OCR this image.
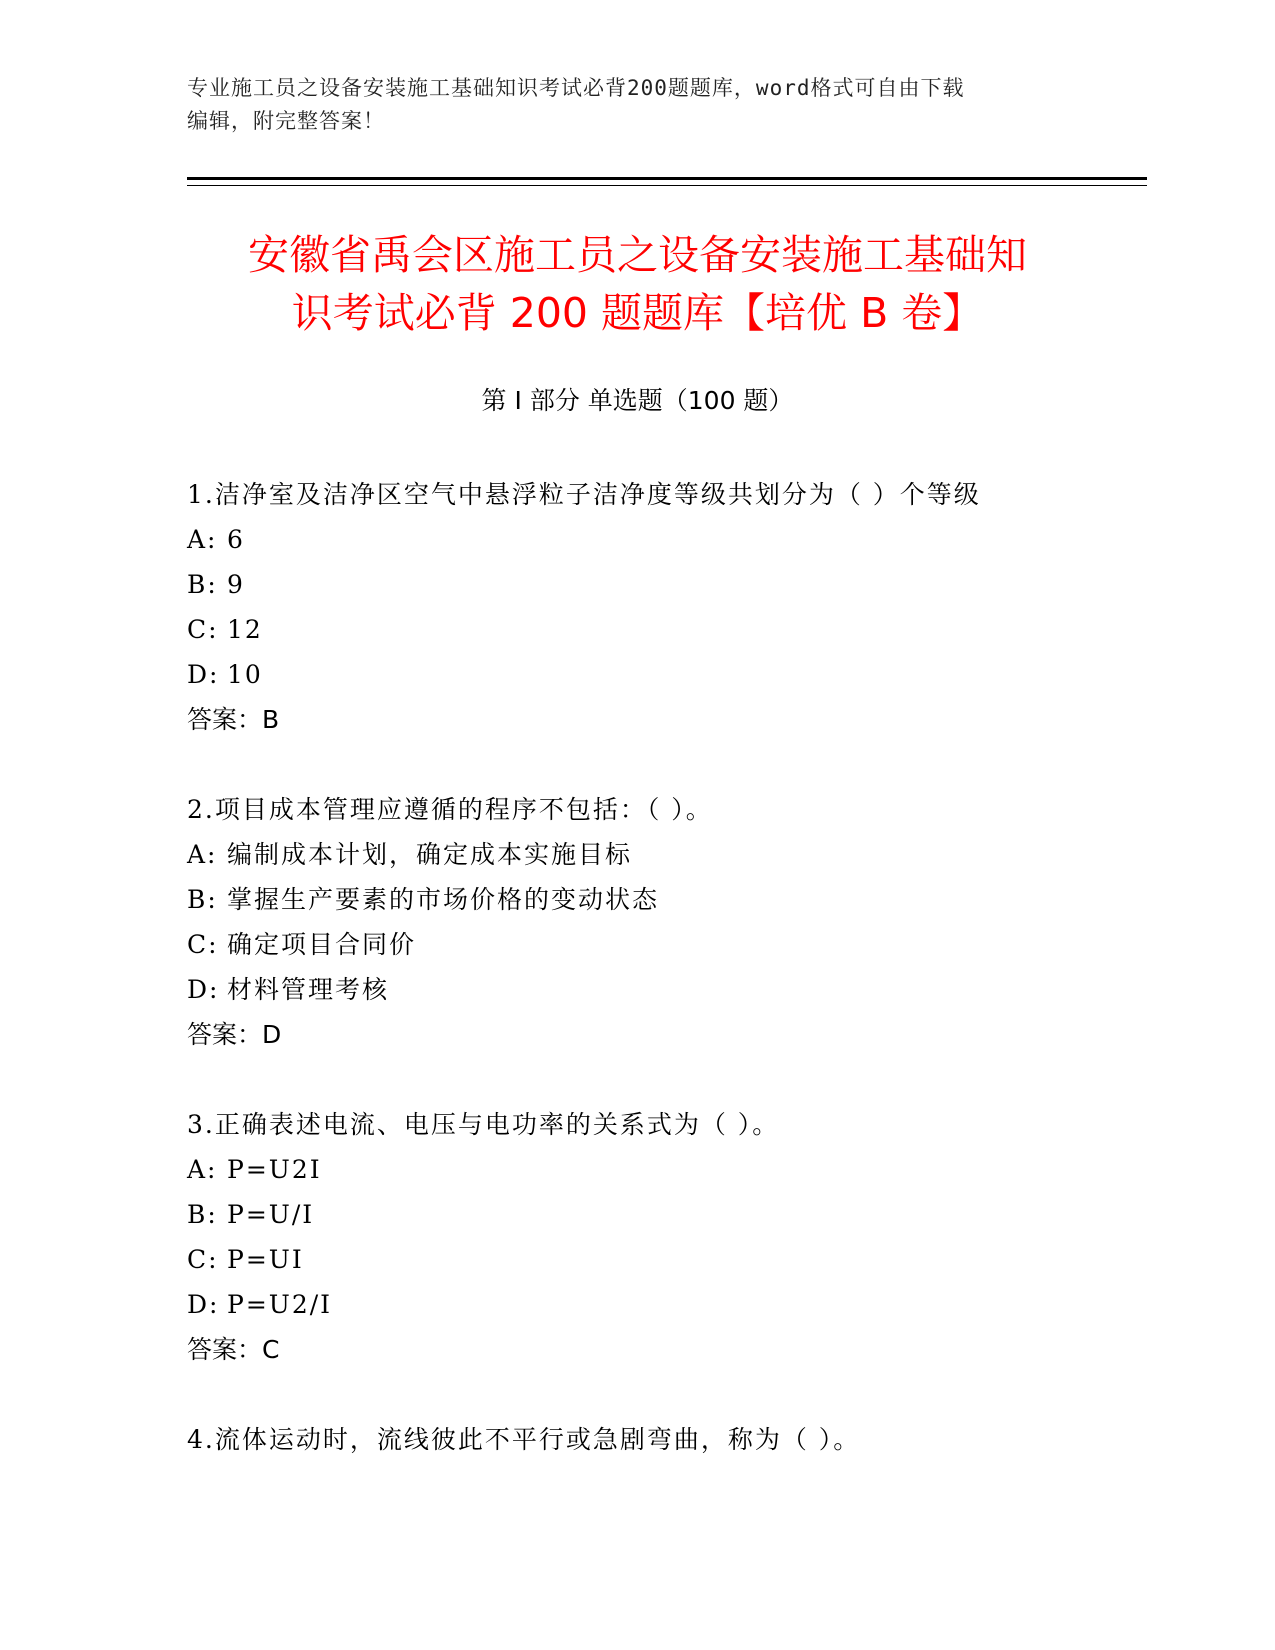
专业施工员之设备安装施工基础知识考试必背200题题库，word格式可自由下载
编辑，附完整答案！
安徽省禹会区施工员之设备安装施工基础知
识考试必背 200 题题库【培优 B 卷】
第 I 部分 单选题（100 题）
1.洁净室及洁净区空气中悬浮粒子洁净度等级共划分为（ ）个等级
A: 6
B: 9
C: 12
D: 10
答案：B
2.项目成本管理应遵循的程序不包括：（ ）。
A: 编制成本计划，确定成本实施目标
B: 掌握生产要素的市场价格的变动状态
C: 确定项目合同价
D: 材料管理考核
答案：D
3.正确表述电流、电压与电功率的关系式为（ ）。
A: P=U2I
B: P=U/I
C: P=UI
D: P=U2/I
答案：C
4.流体运动时，流线彼此不平行或急剧弯曲，称为（ ）。
